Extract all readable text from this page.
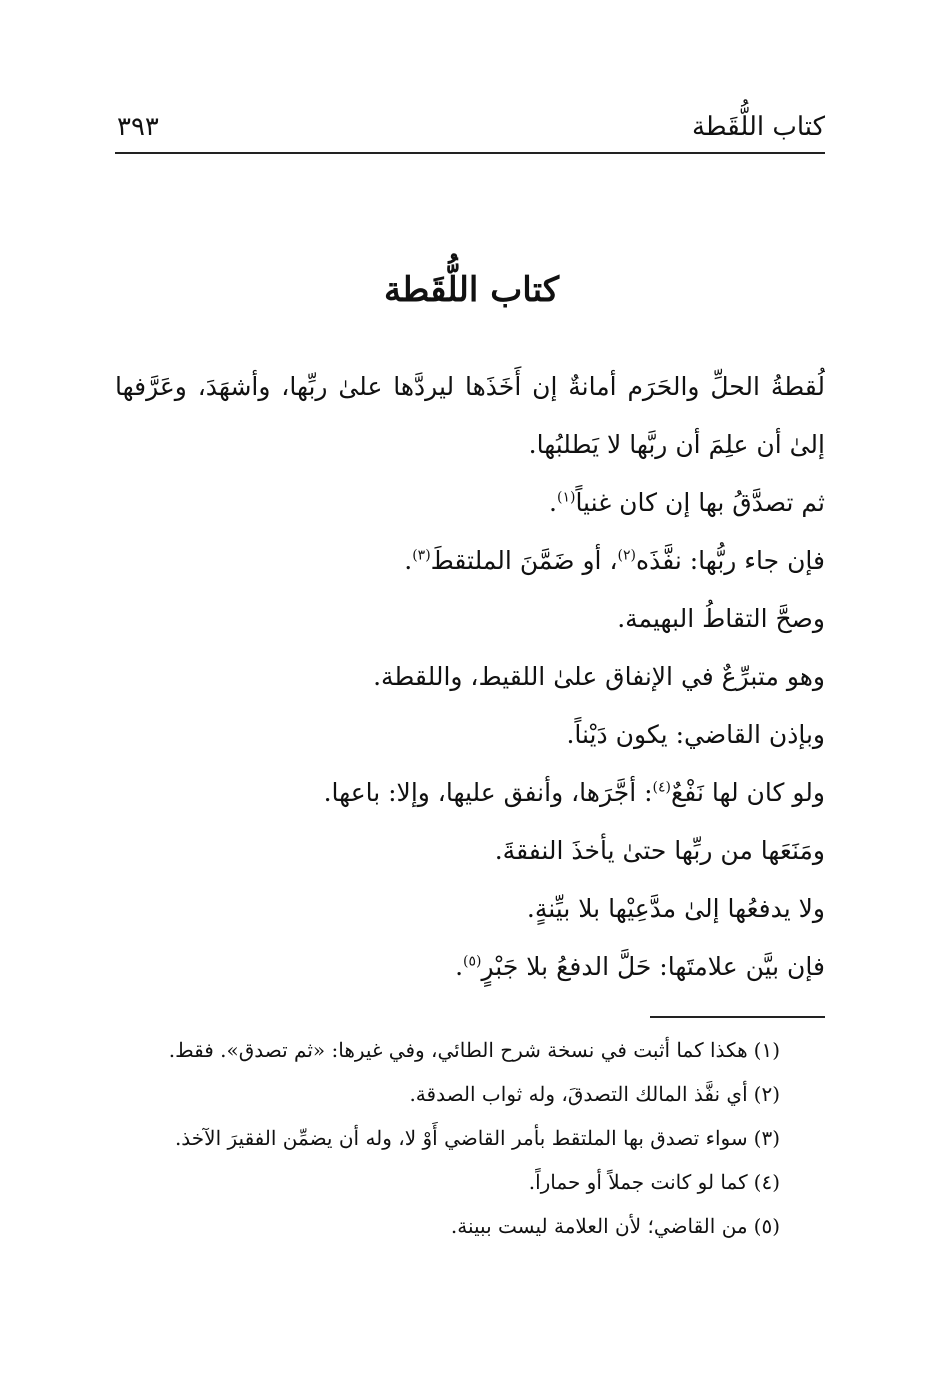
كتاب اللُّقَطة
٣٩٣
كتاب اللُّقَطة
لُقطةُ الحلِّ والحَرَم أمانةٌ إن أَخَذَها ليردَّها علىٰ ربِّها، وأشهَدَ، وعَرَّفها
إلىٰ أن علِمَ أن ربَّها لا يَطلبُها.
ثم تصدَّقُ بها إن كان غنياً$^{(١)}$.
فإن جاء ربُّها: نفَّذَه$^{(٢)}$، أو ضَمَّنَ الملتقطَ$^{(٣)}$.
وصحَّ التقاطُ البهيمة.
وهو متبرِّعٌ في الإنفاق علىٰ اللقيط، واللقطة.
وبإذن القاضي: يكون دَيْناً.
ولو كان لها نَفْعٌ$^{(٤)}$: أجَّرَها، وأنفق عليها، وإلا: باعها.
ومَنَعَها من ربِّها حتىٰ يأخذَ النفقةَ.
ولا يدفعُها إلىٰ مدَّعِيْها بلا بيِّنةٍ.
فإن بيَّن علامتَها: حَلَّ الدفعُ بلا جَبْرٍ$^{(٥)}$.
(١)هكذا كما أثبت في نسخة شرح الطائي، وفي غيرها: «ثم تصدق». فقط.
(٢)أي نفَّذ المالك التصدقَ، وله ثواب الصدقة.
(٣)سواء تصدق بها الملتقط بأمر القاضي أَوْ لا، وله أن يضمِّن الفقيرَ الآخذ.
(٤)كما لو كانت جملاً أو حماراً.
(٥)من القاضي؛ لأن العلامة ليست ببينة.
